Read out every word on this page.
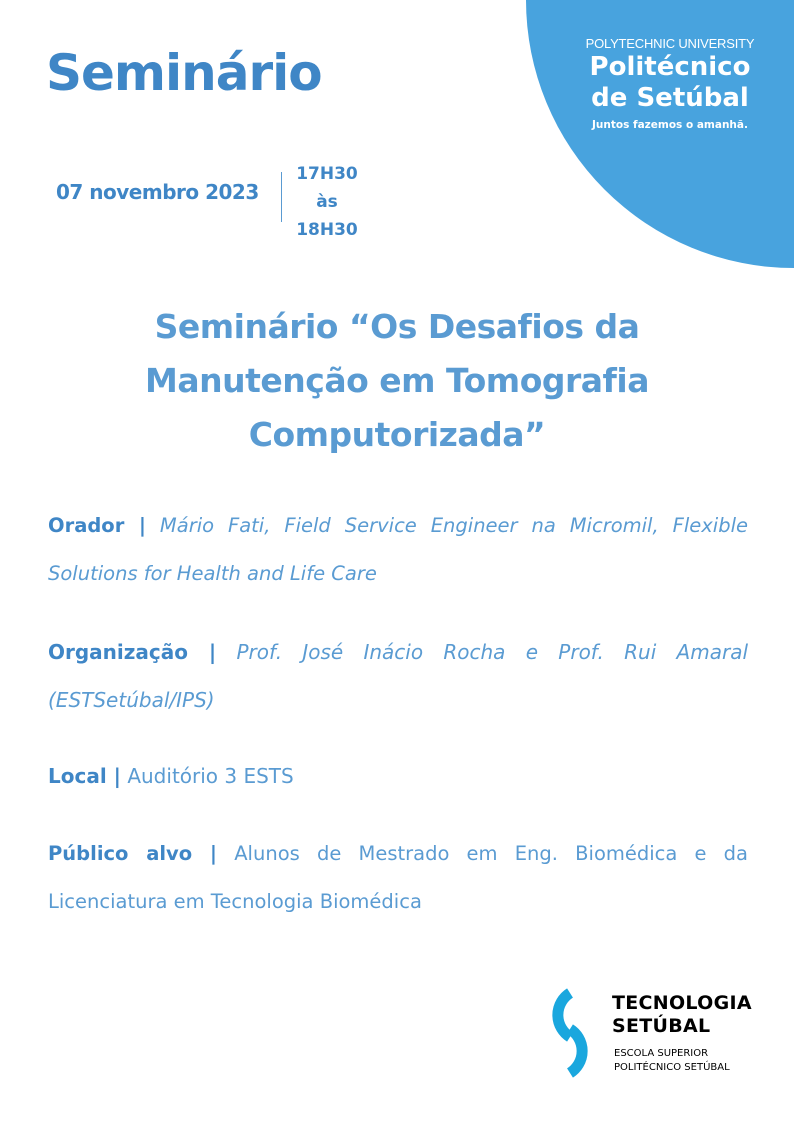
POLYTECHNIC UNIVERSITY
Politécnico
de Setúbal
Juntos fazemos o amanhã.
Seminário
07 novembro 2023
17H30
às
18H30
Seminário “Os Desafios da
Manutenção em Tomografia
Computorizada”
Orador | Mário Fati, Field Service Engineer na Micromil, Flexible Solutions for Health and Life Care
Organização | Prof. José Inácio Rocha e Prof. Rui Amaral (ESTSetúbal/IPS)
Local | Auditório 3 ESTS
Público alvo | Alunos de Mestrado em Eng. Biomédica e da Licenciatura em Tecnologia Biomédica
TECNOLOGIA
SETÚBAL
ESCOLA SUPERIOR
POLITÉCNICO SETÚBAL
